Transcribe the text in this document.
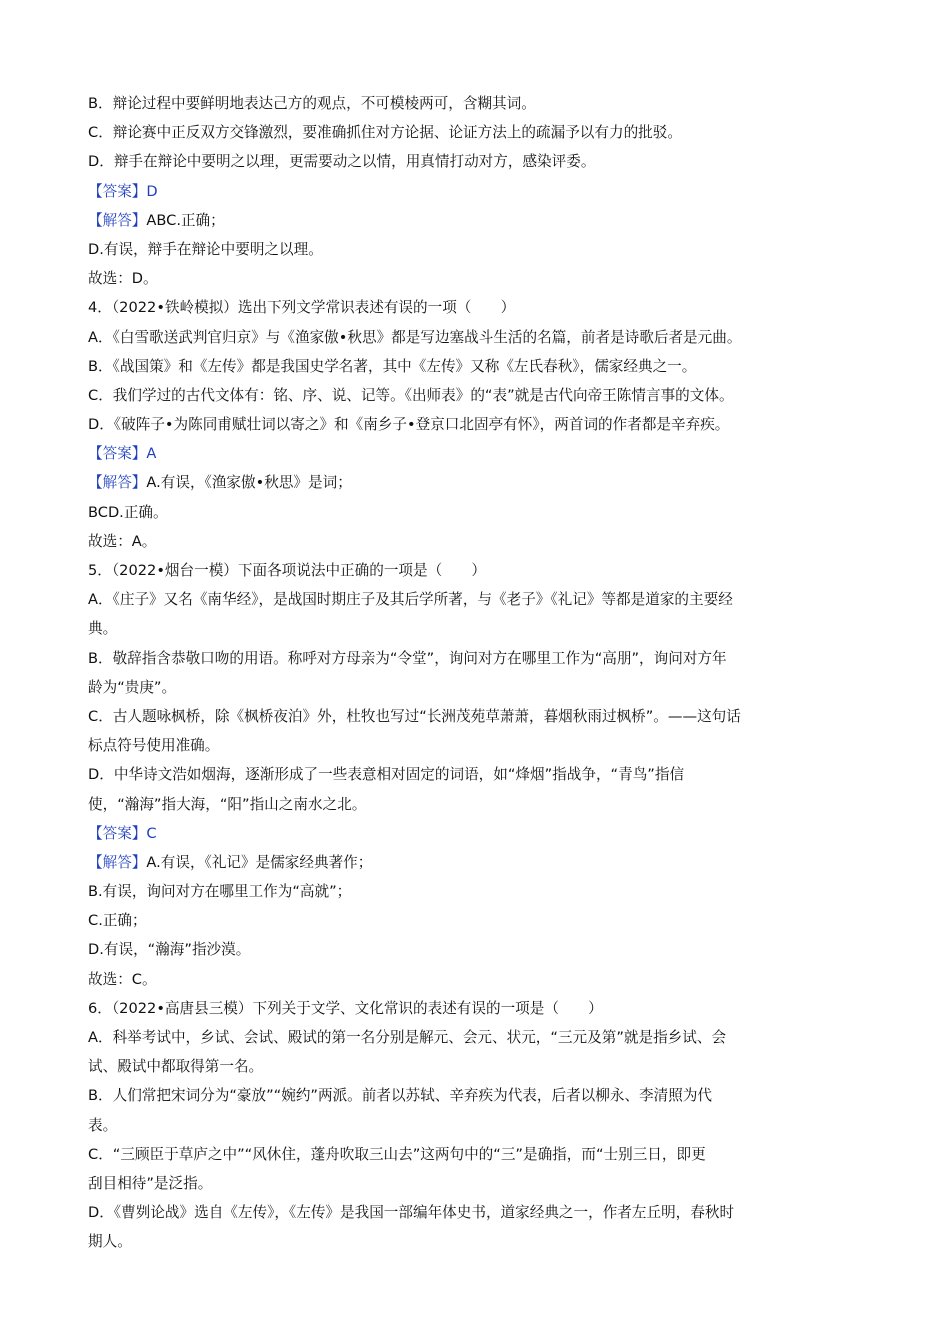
B．辩论过程中要鲜明地表达己方的观点，不可模棱两可，含糊其词。
C．辩论赛中正反双方交锋激烈，要准确抓住对方论据、论证方法上的疏漏予以有力的批驳。
D．辩手在辩论中要明之以理，更需要动之以情，用真情打动对方，感染评委。
【答案】D
【解答】ABC.正确；
D.有误，辩手在辩论中要明之以理。
故选：D。
4．（2022•铁岭模拟）选出下列文学常识表述有误的一项（　　）
A．《白雪歌送武判官归京》与《渔家傲•秋思》都是写边塞战斗生活的名篇，前者是诗歌后者是元曲。
B．《战国策》和《左传》都是我国史学名著，其中《左传》又称《左氏春秋》，儒家经典之一。
C．我们学过的古代文体有：铭、序、说、记等。《出师表》的“表”就是古代向帝王陈情言事的文体。
D．《破阵子•为陈同甫赋壮词以寄之》和《南乡子•登京口北固亭有怀》，两首词的作者都是辛弃疾。
【答案】A
【解答】A.有误，《渔家傲•秋思》是词；
BCD.正确。
故选：A。
5．（2022•烟台一模）下面各项说法中正确的一项是（　　）
A．《庄子》又名《南华经》，是战国时期庄子及其后学所著，与《老子》《礼记》等都是道家的主要经
典。
B．敬辞指含恭敬口吻的用语。称呼对方母亲为“令堂”，询问对方在哪里工作为“高朋”，询问对方年
龄为“贵庚”。
C．古人题咏枫桥，除《枫桥夜泊》外，杜牧也写过“长洲茂苑草萧萧，暮烟秋雨过枫桥”。——这句话
标点符号使用准确。
D．中华诗文浩如烟海，逐渐形成了一些表意相对固定的词语，如“烽烟”指战争，“青鸟”指信
使，“瀚海”指大海，“阳”指山之南水之北。
【答案】C
【解答】A.有误，《礼记》是儒家经典著作；
B.有误，询问对方在哪里工作为“高就”；
C.正确；
D.有误，“瀚海”指沙漠。
故选：C。
6．（2022•高唐县三模）下列关于文学、文化常识的表述有误的一项是（　　）
A．科举考试中，乡试、会试、殿试的第一名分别是解元、会元、状元，“三元及第”就是指乡试、会
试、殿试中都取得第一名。
B．人们常把宋词分为“豪放”“婉约”两派。前者以苏轼、辛弃疾为代表，后者以柳永、李清照为代
表。
C．“三顾臣于草庐之中”“风休住，蓬舟吹取三山去”这两句中的“三”是确指，而“士别三日，即更
刮目相待”是泛指。
D．《曹刿论战》选自《左传》，《左传》是我国一部编年体史书，道家经典之一，作者左丘明，春秋时
期人。
